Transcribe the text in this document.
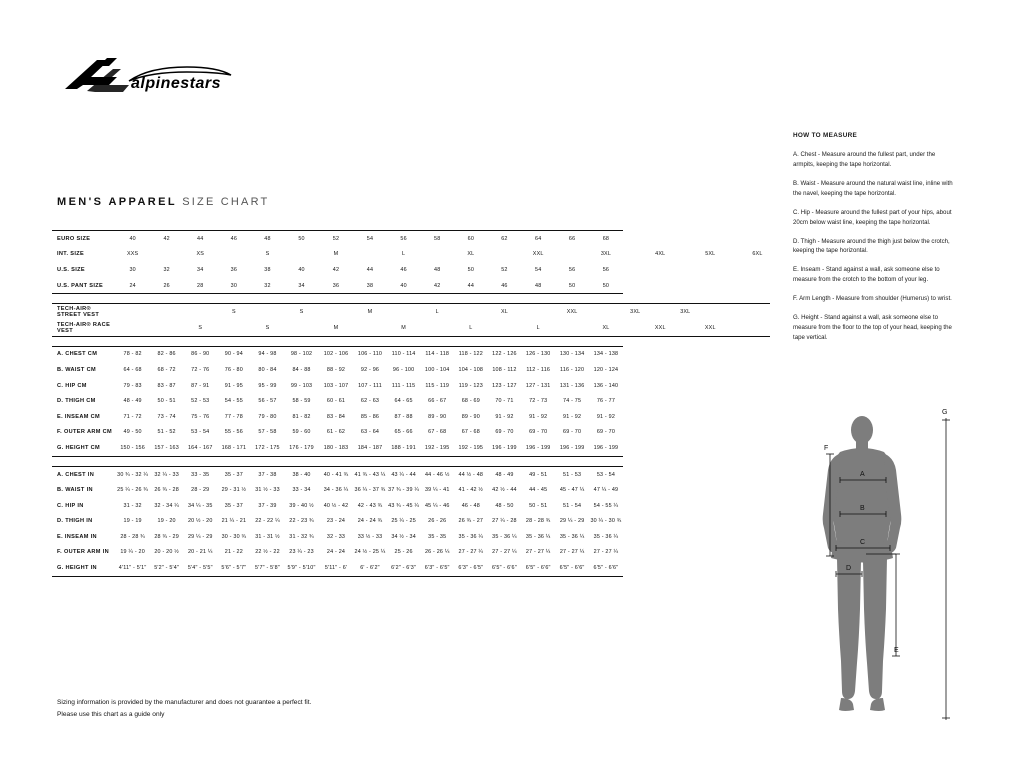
alpinestars
MEN'S APPAREL SIZE CHART
EURO SIZE	40	42	44	46	48	50	52	54	56	58	60	62	64	66	68						
INT. SIZE	XXS		XS		S		M		L		XL		XXL		3XL		4XL		5XL		6XL
U.S. SIZE	30	32	34	36	38	40	42	44	46	48	50	52	54	56	56						
U.S. PANT SIZE	24	26	28	30	32	34	36	38	40	42	44	46	48	50	50						

TECH-AIR® STREET VEST				S		S		M		L		XL		XXL		3XL		3XL			
TECH-AIR® RACE VEST			S		S		M		M		L		L		XL		XXL		XXL		

A. CHEST CM	78 - 82	82 - 86	86 - 90	90 - 94	94 - 98	98 - 102	102 - 106	106 - 110	110 - 114	114 - 118	118 - 122	122 - 126	126 - 130	130 - 134	134 - 138						
B. WAIST CM	64 - 68	68 - 72	72 - 76	76 - 80	80 - 84	84 - 88	88 - 92	92 - 96	96 - 100	100 - 104	104 - 108	108 - 112	112 - 116	116 - 120	120 - 124						
C. HIP CM	79 - 83	83 - 87	87 - 91	91 - 95	95 - 99	99 - 103	103 - 107	107 - 111	111 - 115	115 - 119	119 - 123	123 - 127	127 - 131	131 - 136	136 - 140						
D. THIGH CM	48 - 49	50 - 51	52 - 53	54 - 55	56 - 57	58 - 59	60 - 61	62 - 63	64 - 65	66 - 67	68 - 69	70 - 71	72 - 73	74 - 75	76 - 77						
E. INSEAM CM	71 - 72	73 - 74	75 - 76	77 - 78	79 - 80	81 - 82	83 - 84	85 - 86	87 - 88	89 - 90	89 - 90	91 - 92	91 - 92	91 - 92	91 - 92						
F. OUTER ARM CM	49 - 50	51 - 52	53 - 54	55 - 56	57 - 58	59 - 60	61 - 62	63 - 64	65 - 66	67 - 68	67 - 68	69 - 70	69 - 70	69 - 70	69 - 70						
G. HEIGHT CM	150 - 156	157 - 163	164 - 167	168 - 171	172 - 175	176 - 179	180 - 183	184 - 187	188 - 191	192 - 195	192 - 195	196 - 199	196 - 199	196 - 199	196 - 199						

A. CHEST IN	30 ¾ - 32 ¼	32 ¼ - 33	33 - 35	35 - 37	37 - 38	38 - 40	40 - 41 ¾	41 ¾ - 43 ¼	43 ¼ - 44	44 - 46 ½	44 ½ - 48	48 - 49	49 - 51	51 - 53	53 - 54						
B. WAIST IN	25 ¼ - 26 ¾	26 ¾ - 28	28 - 29	29 - 31 ½	31 ½ - 33	33 - 34	34 - 36 ¼	36 ¼ - 37 ¾	37 ¾ - 39 ¼	39 ¼ - 41	41 - 42 ½	42 ½ - 44	44 - 45	45 - 47 ¼	47 ¼ - 49						
C. HIP IN	31 - 32	32 - 34 ¼	34 ¼ - 35	35 - 37	37 - 39	39 - 40 ½	40 ½ - 42	42 - 43 ¾	43 ¾ - 45 ¼	45 ¼ - 46	46 - 48	48 - 50	50 - 51	51 - 54	54 - 55 ¼						
D. THIGH IN	19 - 19	19 - 20	20 ½ - 20	21 ¼ - 21	22 - 22 ¼	22 - 23 ¾	23 - 24	24 - 24 ¾	25 ¼ - 25	26 - 26	26 ¾ - 27	27 ¼ - 28	28 - 28 ¾	29 ¼ - 29	30 ¼ - 30 ¾						
E. INSEAM IN	28 - 28 ¾	28 ¾ - 29	29 ¼ - 29	30 - 30 ¾	31 - 31 ½	31 - 32 ¾	32 - 33	33 ½ - 33	34 ½ - 34	35 - 35	35 - 36 ¼	35 - 36 ¼	35 - 36 ¼	35 - 36 ¼	35 - 36 ¼						
F. OUTER ARM IN	19 ¼ - 20	20 - 20 ½	20 - 21 ¼	21 - 22	22 ½ - 22	23 ¼ - 23	24 - 24	24 ½ - 25 ¼	25 - 26	26 - 26 ¼	27 - 27 ¼	27 - 27 ¼	27 - 27 ¼	27 - 27 ¼	27 - 27 ¼						
G. HEIGHT IN	4'11" - 5'1"	5'2" - 5'4"	5'4" - 5'5"	5'6" - 5'7"	5'7" - 5'8"	5'9" - 5'10"	5'11" - 6'	6' - 6'2"	6'2" - 6'3"	6'3" - 6'5"	6'3" - 6'5"	6'5" - 6'6"	6'5" - 6'6"	6'5" - 6'6"	6'5" - 6'6"						
HOW TO MEASURE

A. Chest - Measure around the fullest part, under the armpits, keeping the tape horizontal.

B. Waist - Measure around the natural waist line, inline with the navel, keeping the tape horizontal.

C. Hip - Measure around the fullest part of your hips, about 20cm below waist line, keeping the tape horizontal.

D. Thigh - Measure around the thigh just below the crotch, keeping the tape horizontal.

E. Inseam - Stand against a wall, ask someone else to measure from the crotch to the bottom of your leg.

F. Arm Length - Measure from shoulder (Humerus) to wrist.

G. Height - Stand against a wall, ask someone else to measure from the floor to the top of your head, keeping the tape vertical.

G
F
A
B
C
D
E
Sizing information is provided by the manufacturer and does not guarantee a perfect fit.
Please use this chart as a guide only
